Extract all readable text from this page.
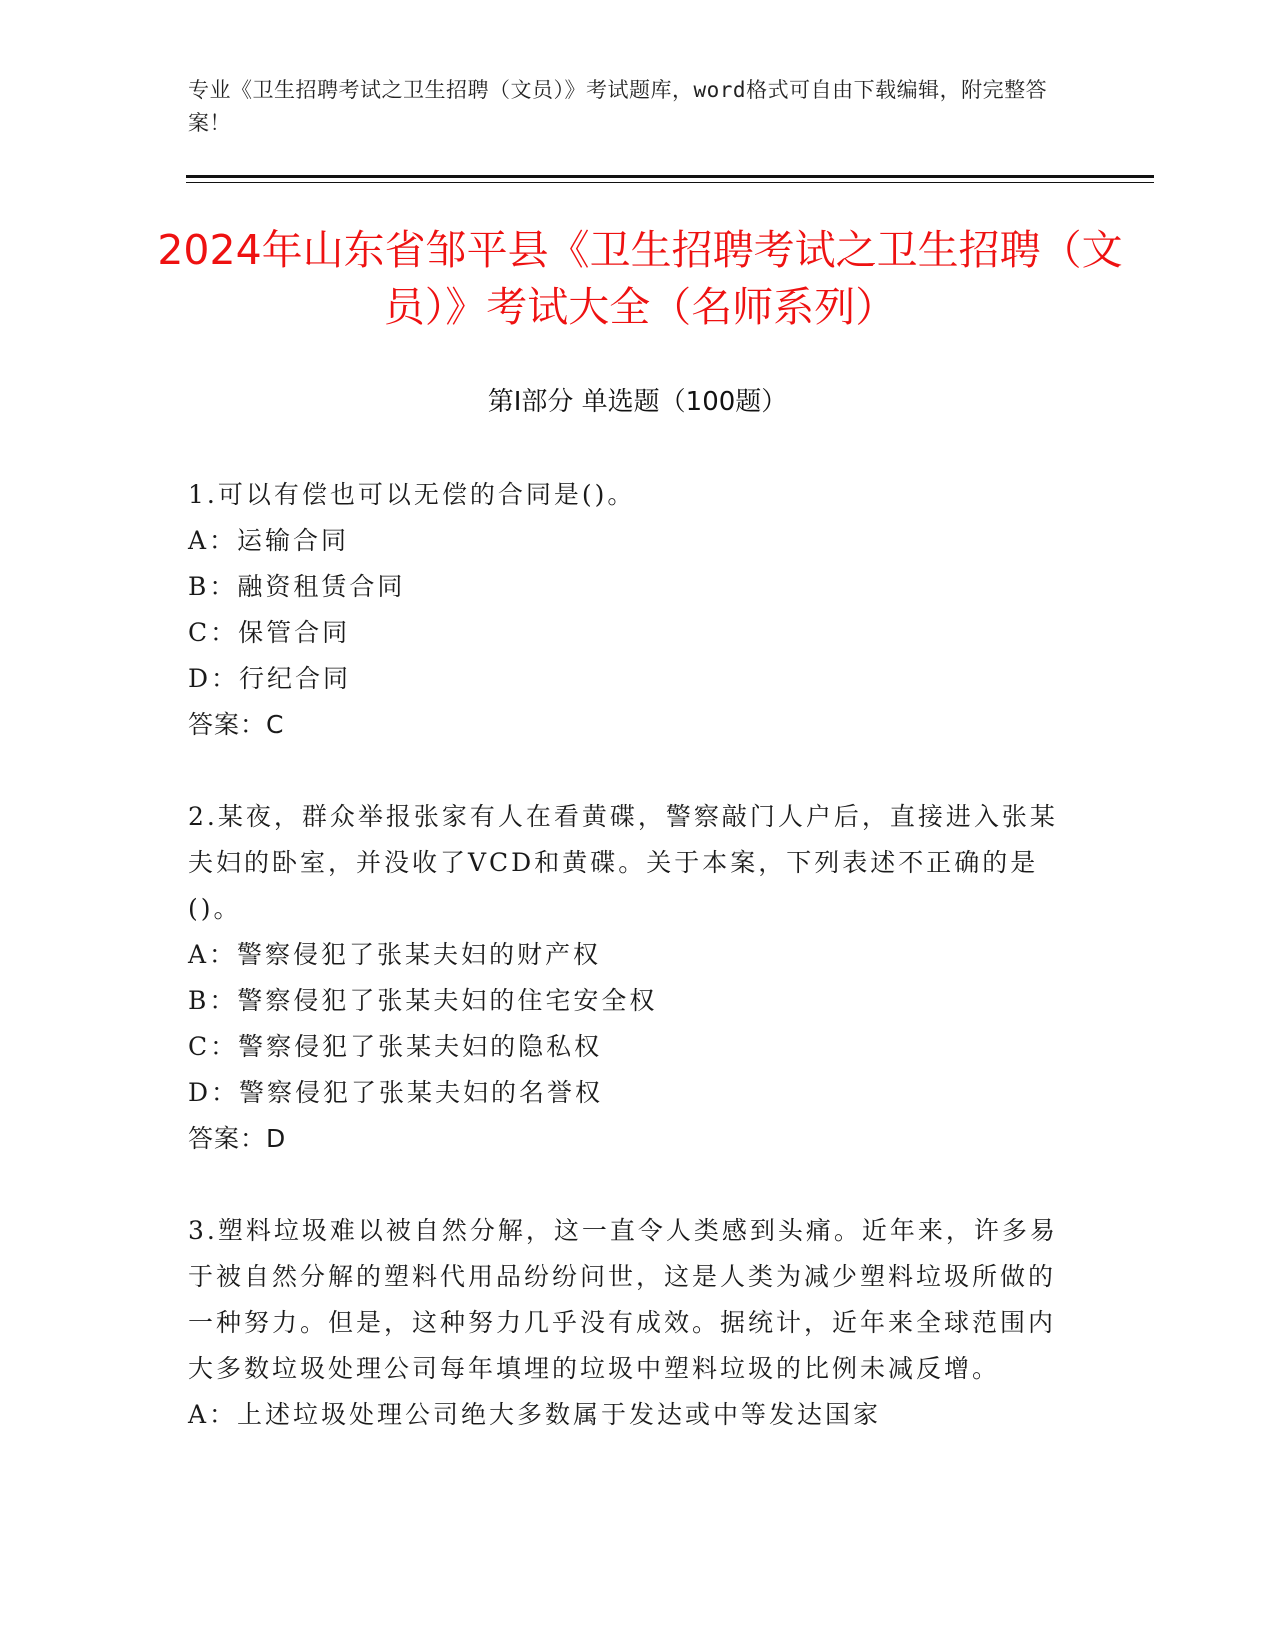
专业《卫生招聘考试之卫生招聘（文员）》考试题库，word格式可自由下载编辑，附完整答案！
2024年山东省邹平县《卫生招聘考试之卫生招聘（文员）》考试大全（名师系列）
第Ⅰ部分 单选题（100题）
1.可以有偿也可以无偿的合同是()。
A：运输合同
B：融资租赁合同
C：保管合同
D：行纪合同
答案：C
2.某夜，群众举报张家有人在看黄碟，警察敲门人户后，直接进入张某夫妇的卧室，并没收了VCD和黄碟。关于本案，下列表述不正确的是()。
A：警察侵犯了张某夫妇的财产权
B：警察侵犯了张某夫妇的住宅安全权
C：警察侵犯了张某夫妇的隐私权
D：警察侵犯了张某夫妇的名誉权
答案：D
3.塑料垃圾难以被自然分解，这一直令人类感到头痛。近年来，许多易于被自然分解的塑料代用品纷纷问世，这是人类为减少塑料垃圾所做的一种努力。但是，这种努力几乎没有成效。据统计，近年来全球范围内大多数垃圾处理公司每年填埋的垃圾中塑料垃圾的比例未减反增。
A：上述垃圾处理公司绝大多数属于发达或中等发达国家
